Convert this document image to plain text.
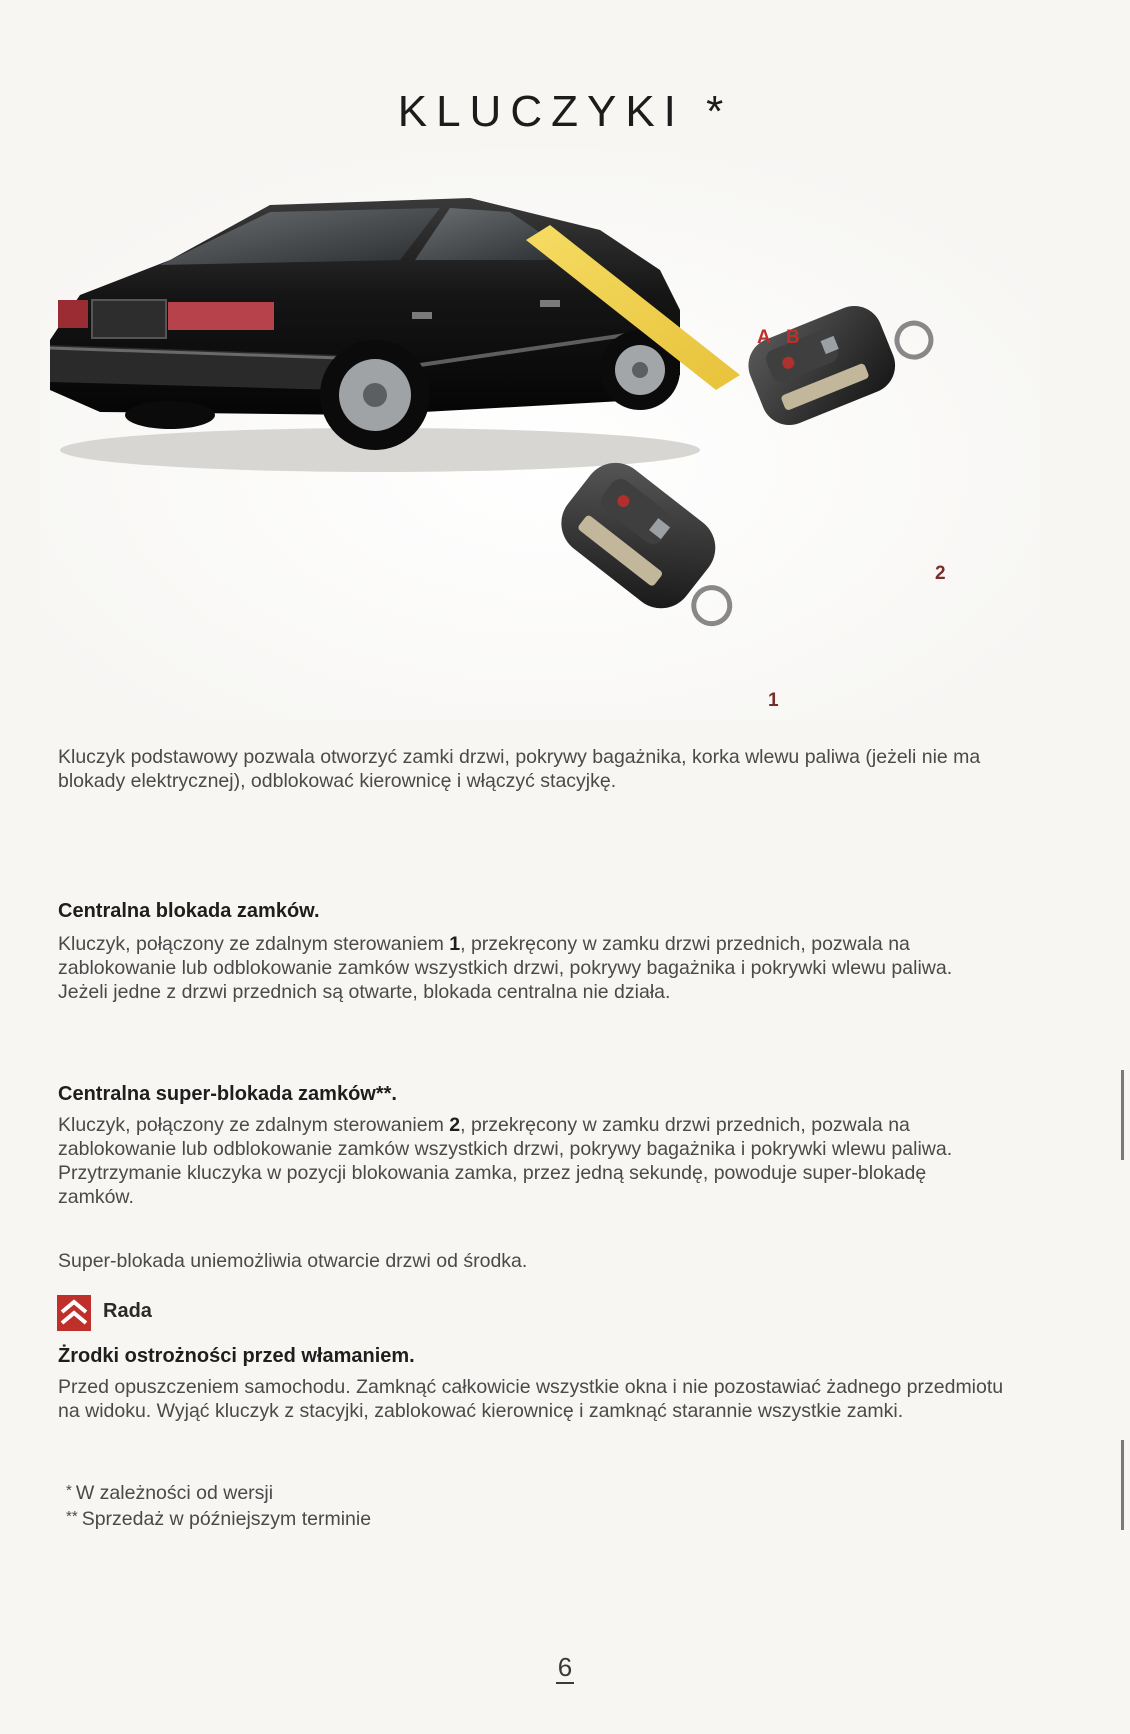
KLUCZYKI *
A B
2
1

Kluczyk podstawowy pozwala otworzyć zamki drzwi, pokrywy bagażnika, korka wlewu paliwa (jeżeli nie ma blokady elektrycznej), odblokować kierownicę i włączyć stacyjkę.

Centralna blokada zamków.

Kluczyk, połączony ze zdalnym sterowaniem 1, przekręcony w zamku drzwi przednich, pozwala na zablokowanie lub odblokowanie zamków wszystkich drzwi, pokrywy bagażnika i pokrywki wlewu paliwa. Jeżeli jedne z drzwi przednich są otwarte, blokada centralna nie działa.

Centralna super-blokada zamków**.

Kluczyk, połączony ze zdalnym sterowaniem 2, przekręcony w zamku drzwi przednich, pozwala na zablokowanie lub odblokowanie zamków wszystkich drzwi, pokrywy bagażnika i pokrywki wlewu paliwa. Przytrzymanie kluczyka w pozycji blokowania zamka, przez jedną sekundę, powoduje super-blokadę zamków.

Super-blokada uniemożliwia otwarcie drzwi od środka.

Rada
Żrodki ostrożności przed włamaniem.

Przed opuszczeniem samochodu. Zamknąć całkowicie wszystkie okna i nie pozostawiać żadnego przedmiotu na widoku. Wyjąć kluczyk z stacyjki, zablokować kierownicę i zamknąć starannie wszystkie zamki.

* W zależności od wersji
** Sprzedaż w późniejszym terminie
6
